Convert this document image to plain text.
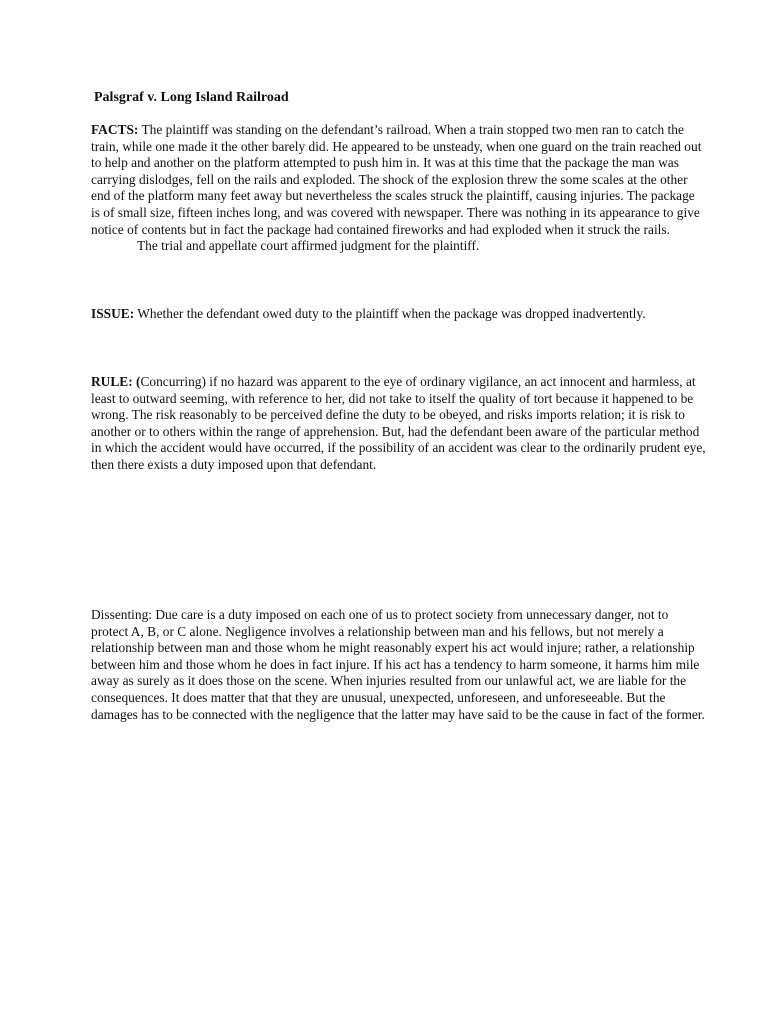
Palsgraf v. Long Island Railroad

FACTS: The plaintiff was standing on the defendant’s railroad. When a train stopped two men ran to catch the train, while one made it the other barely did. He appeared to be unsteady, when one guard on the train reached out to help and another on the platform attempted to push him in. It was at this time that the package the man was carrying dislodges, fell on the rails and exploded. The shock of the explosion threw the some scales at the other end of the platform many feet away but nevertheless the scales struck the plaintiff, causing injuries. The package is of small size, fifteen inches long, and was covered with newspaper. There was nothing in its appearance to give notice of contents but in fact the package had contained fireworks and had exploded when it struck the rails.
The trial and appellate court affirmed judgment for the plaintiff.

ISSUE: Whether the defendant owed duty to the plaintiff when the package was dropped inadvertently.

RULE: (Concurring) if no hazard was apparent to the eye of ordinary vigilance, an act innocent and harmless, at least to outward seeming, with reference to her, did not take to itself the quality of tort because it happened to be wrong. The risk reasonably to be perceived define the duty to be obeyed, and risks imports relation; it is risk to another or to others within the range of apprehension. But, had the defendant been aware of the particular method in which the accident would have occurred, if the possibility of an accident was clear to the ordinarily prudent eye, then there exists a duty imposed upon that defendant.

Dissenting: Due care is a duty imposed on each one of us to protect society from unnecessary danger, not to protect A, B, or C alone. Negligence involves a relationship between man and his fellows, but not merely a relationship between man and those whom he might reasonably expert his act would injure; rather, a relationship between him and those whom he does in fact injure. If his act has a tendency to harm someone, it harms him mile away as surely as it does those on the scene. When injuries resulted from our unlawful act, we are liable for the consequences. It does matter that that they are unusual, unexpected, unforeseen, and unforeseeable. But the damages has to be connected with the negligence that the latter may have said to be the cause in fact of the former.
